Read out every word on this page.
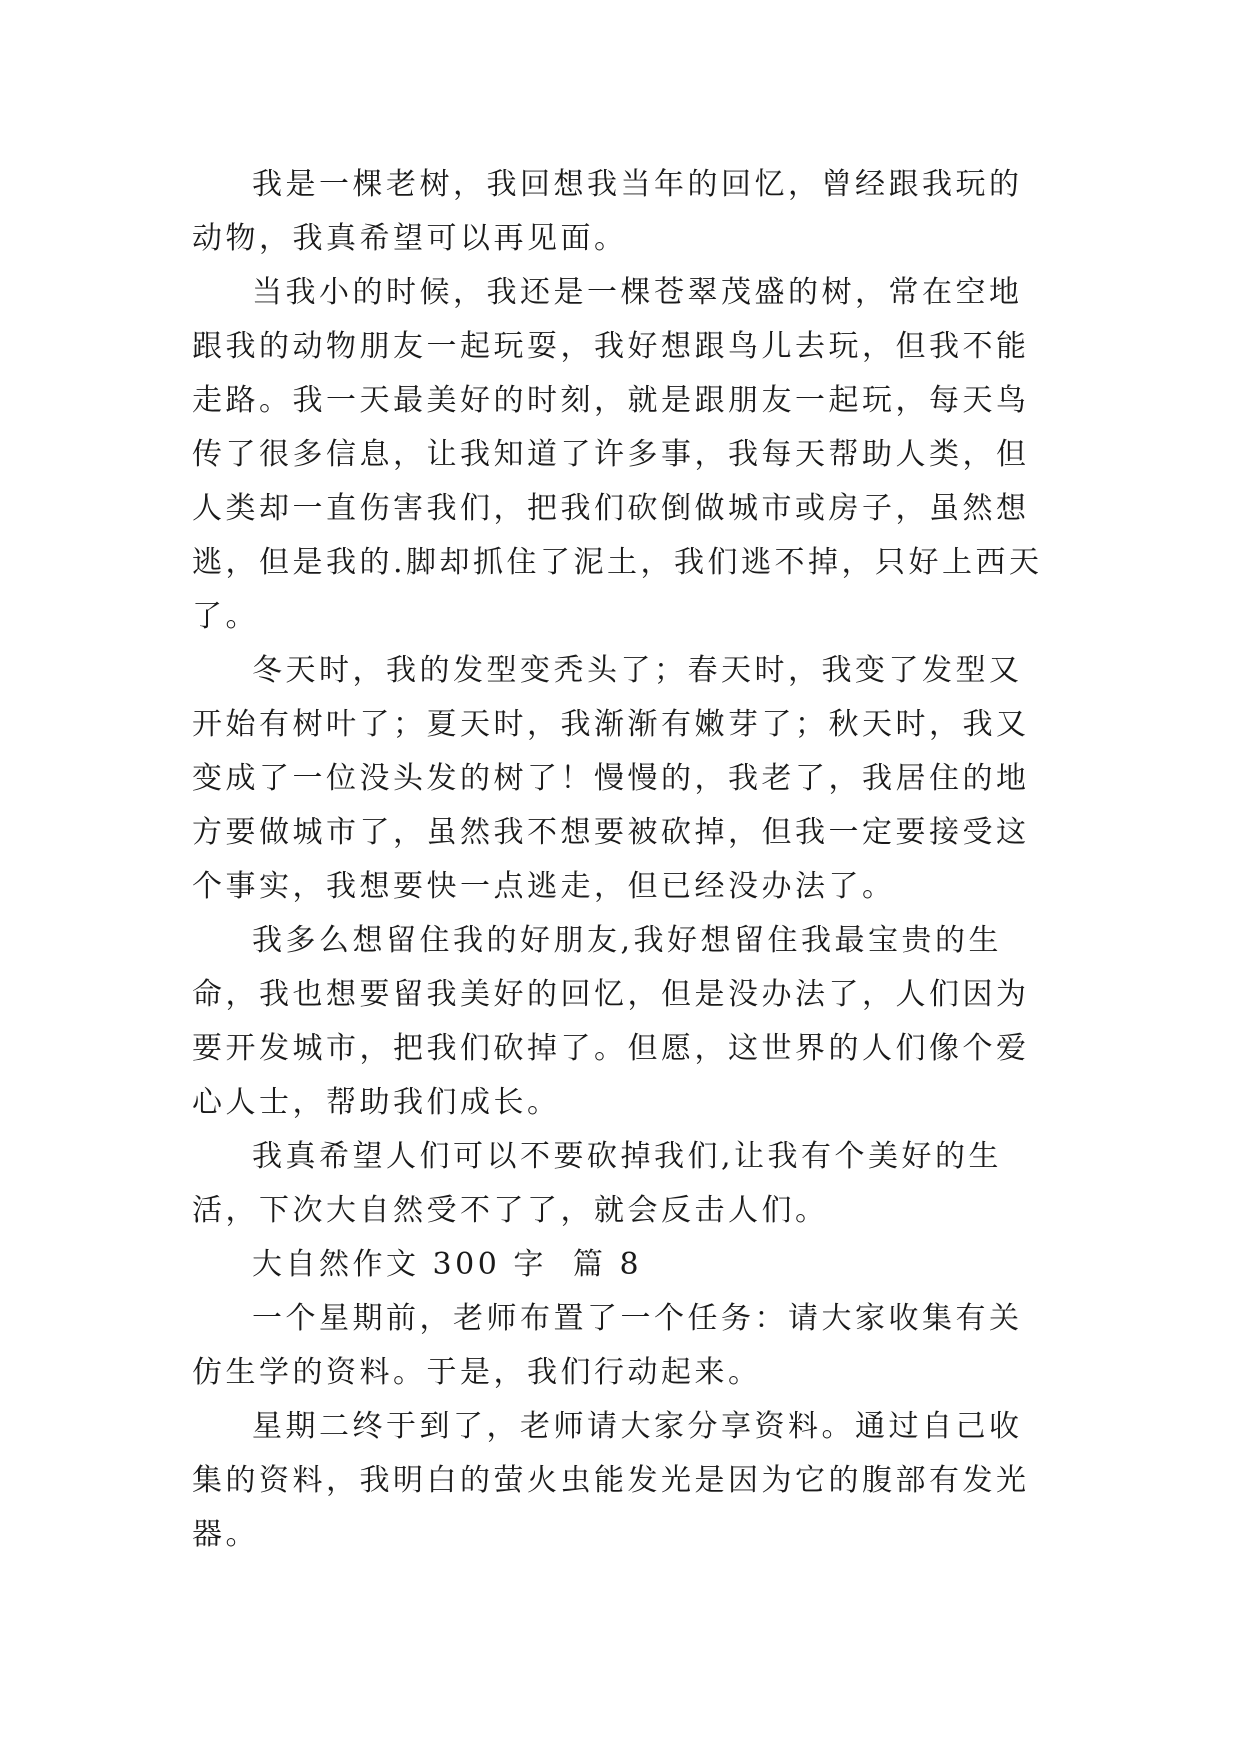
我是一棵老树，我回想我当年的回忆，曾经跟我玩的动物，我真希望可以再见面。

当我小的时候，我还是一棵苍翠茂盛的树，常在空地跟我的动物朋友一起玩耍，我好想跟鸟儿去玩，但我不能走路。我一天最美好的时刻，就是跟朋友一起玩，每天鸟传了很多信息，让我知道了许多事，我每天帮助人类，但人类却一直伤害我们，把我们砍倒做城市或房子，虽然想逃，但是我的.脚却抓住了泥土，我们逃不掉，只好上西天了。

冬天时，我的发型变秃头了；春天时，我变了发型又开始有树叶了；夏天时，我渐渐有嫩芽了；秋天时，我又变成了一位没头发的树了！慢慢的，我老了，我居住的地方要做城市了，虽然我不想要被砍掉，但我一定要接受这个事实，我想要快一点逃走，但已经没办法了。

我多么想留住我的好朋友,我好想留住我最宝贵的生命，我也想要留我美好的回忆，但是没办法了，人们因为要开发城市，把我们砍掉了。但愿，这世界的人们像个爱心人士，帮助我们成长。

我真希望人们可以不要砍掉我们,让我有个美好的生活，下次大自然受不了了，就会反击人们。

大自然作文 300 字  篇 8

一个星期前，老师布置了一个任务：请大家收集有关仿生学的资料。于是，我们行动起来。

星期二终于到了，老师请大家分享资料。通过自己收集的资料，我明白的萤火虫能发光是因为它的腹部有发光器。
